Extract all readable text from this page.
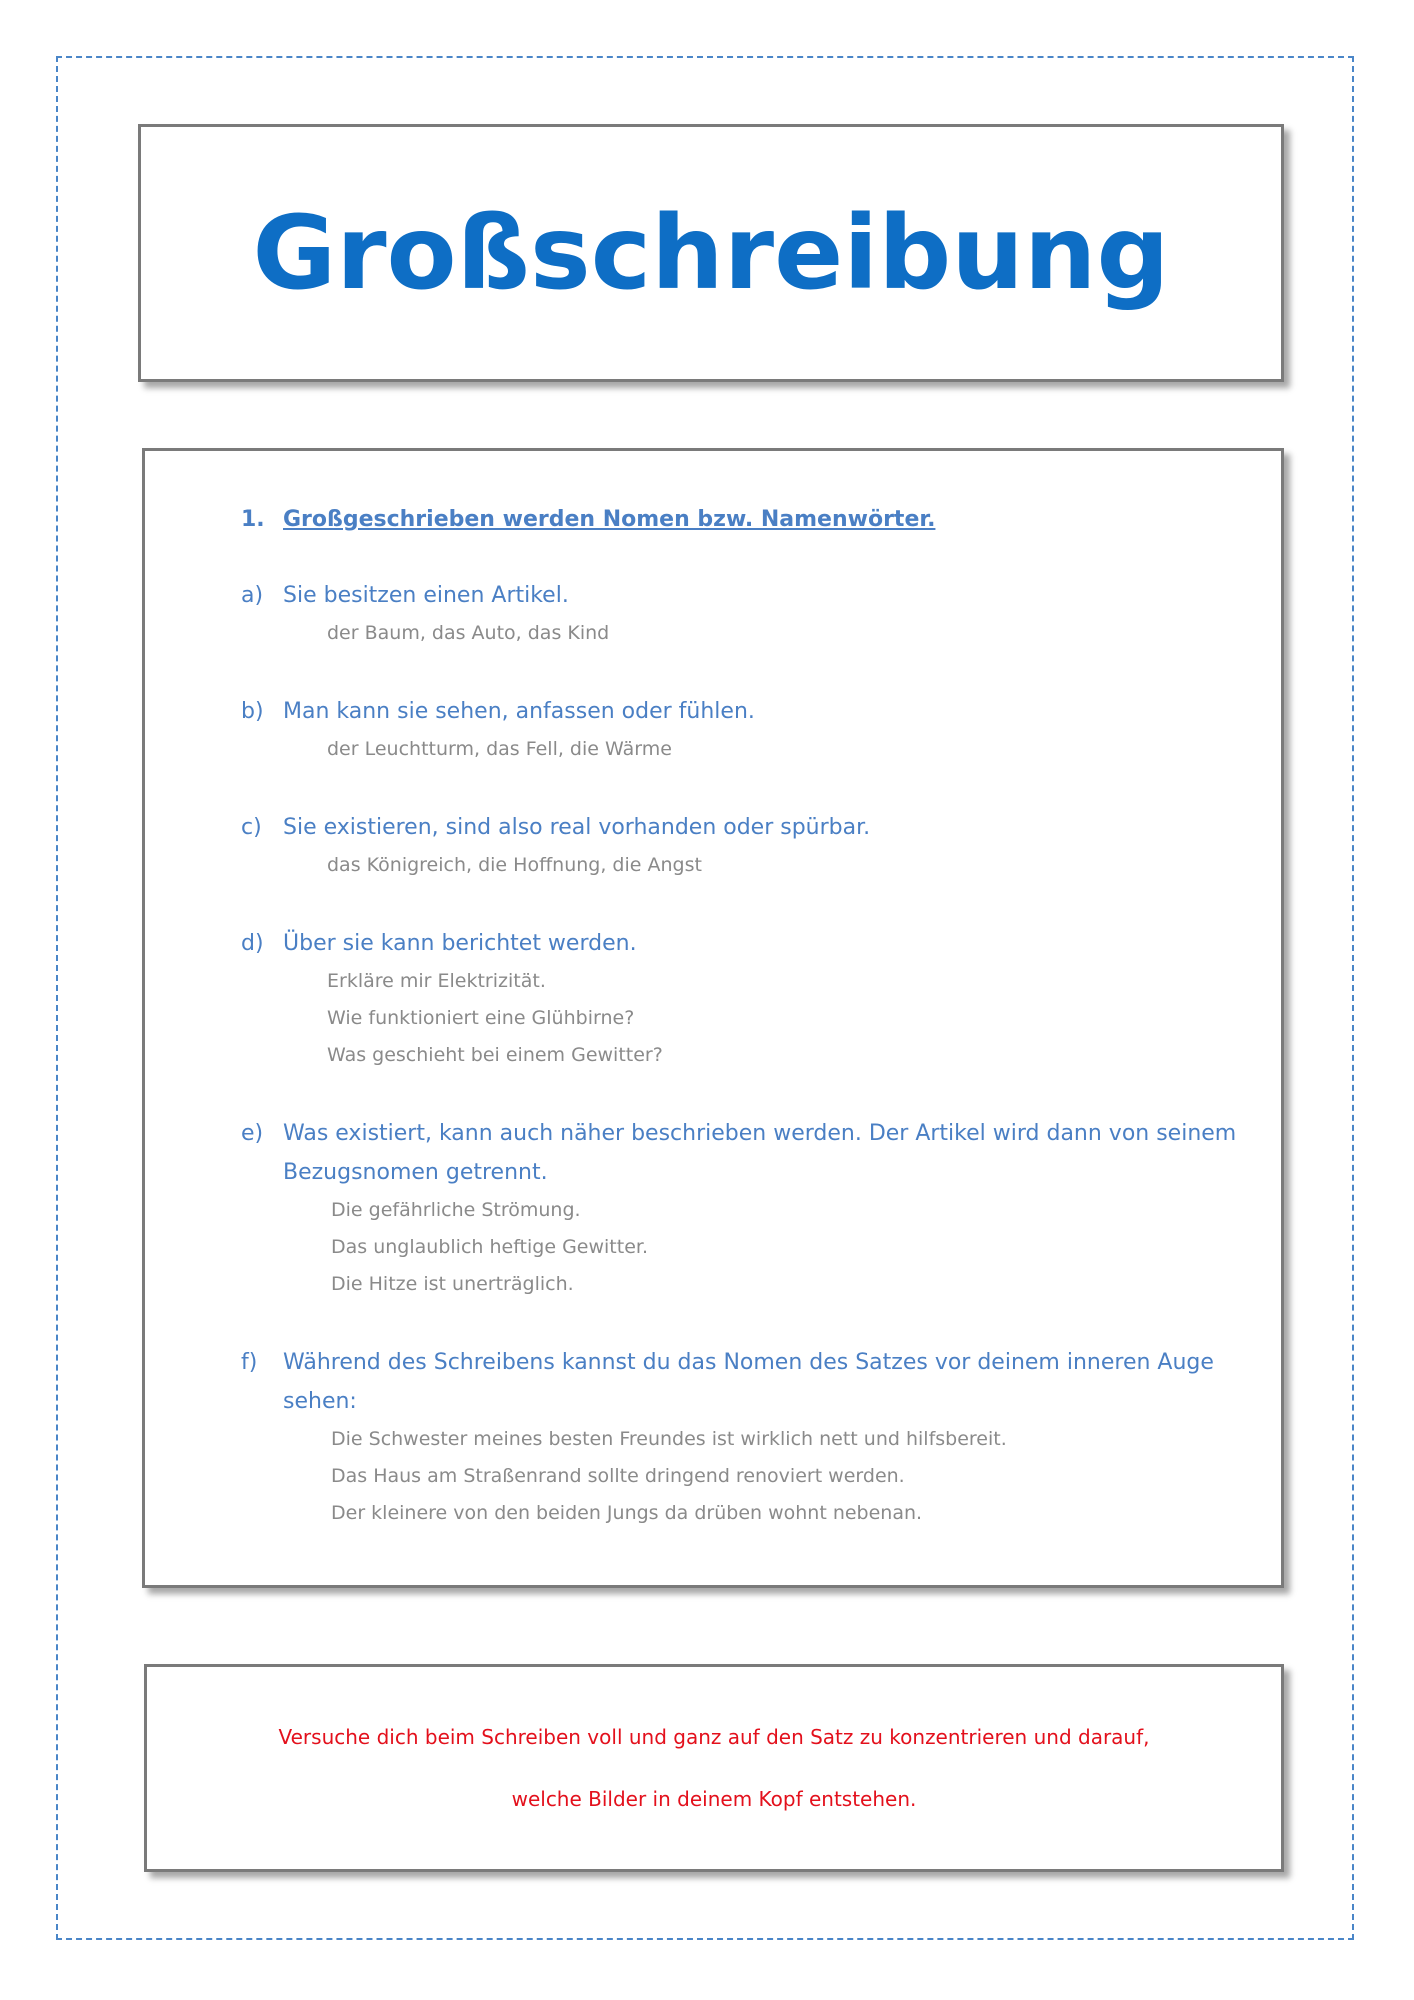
Großschreibung
1. Großgeschrieben werden Nomen bzw. Namenwörter.
a) Sie besitzen einen Artikel.
der Baum, das Auto, das Kind
b) Man kann sie sehen, anfassen oder fühlen.
der Leuchtturm, das Fell, die Wärme
c) Sie existieren, sind also real vorhanden oder spürbar.
das Königreich, die Hoffnung, die Angst
d) Über sie kann berichtet werden.
Erkläre mir Elektrizität.
Wie funktioniert eine Glühbirne?
Was geschieht bei einem Gewitter?
e) Was existiert, kann auch näher beschrieben werden. Der Artikel wird dann von seinem Bezugsnomen getrennt.
Die gefährliche Strömung.
Das unglaublich heftige Gewitter.
Die Hitze ist unerträglich.
f)	Während des Schreibens kannst du das Nomen des Satzes vor deinem inneren Auge sehen:
Die Schwester meines besten Freundes ist wirklich nett und hilfsbereit.
Das Haus am Straßenrand sollte dringend renoviert werden.
Der kleinere von den beiden Jungs da drüben wohnt nebenan.

Versuche dich beim Schreiben voll und ganz auf den Satz zu konzentrieren und darauf,

welche Bilder in deinem Kopf entstehen.
